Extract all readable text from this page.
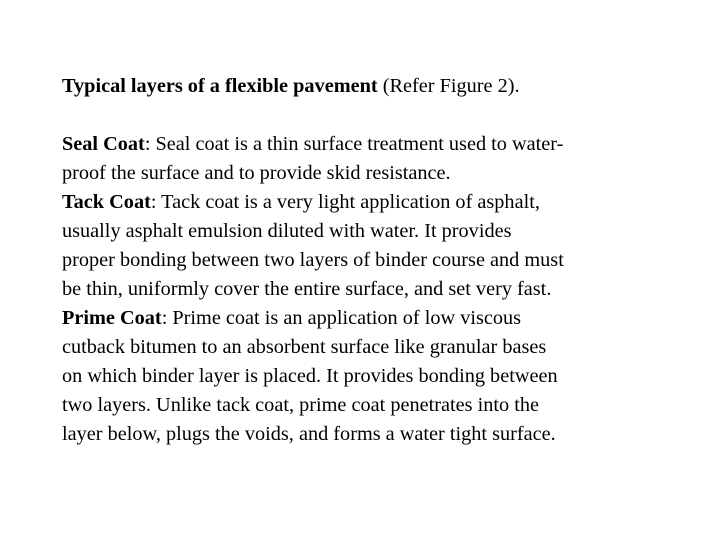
Typical layers of a flexible pavement (Refer Figure 2).

Seal Coat: Seal coat is a thin surface treatment used to water-
proof the surface and to provide skid resistance.

Tack Coat: Tack coat is a very light application of asphalt,
usually asphalt emulsion diluted with water. It provides
proper bonding between two layers of binder course and must
be thin, uniformly cover the entire surface, and set very fast.

Prime Coat: Prime coat is an application of low viscous
cutback bitumen to an absorbent surface like granular bases
on which binder layer is placed. It provides bonding between
two layers. Unlike tack coat, prime coat penetrates into the
layer below, plugs the voids, and forms a water tight surface.
